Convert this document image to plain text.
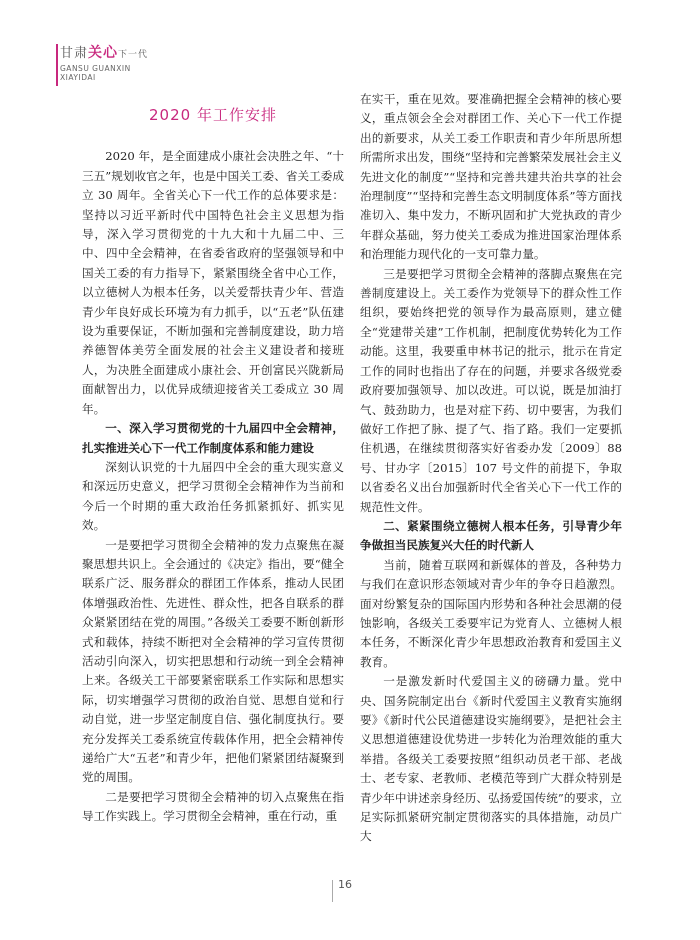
甘肃关心下一代
GANSU GUANXIN
XIAYIDAI
2020 年工作安排

2020 年，是全面建成小康社会决胜之年、“十三五”规划收官之年，也是中国关工委、省关工委成立 30 周年。全省关心下一代工作的总体要求是：坚持以习近平新时代中国特色社会主义思想为指导，深入学习贯彻党的十九大和十九届二中、三中、四中全会精神，在省委省政府的坚强领导和中国关工委的有力指导下，紧紧围绕全省中心工作，以立德树人为根本任务，以关爱帮扶青少年、营造青少年良好成长环境为有力抓手，以“五老”队伍建设为重要保证，不断加强和完善制度建设，助力培养德智体美劳全面发展的社会主义建设者和接班人，为决胜全面建成小康社会、开创富民兴陇新局面献智出力，以优异成绩迎接省关工委成立 30 周年。

一、深入学习贯彻党的十九届四中全会精神，扎实推进关心下一代工作制度体系和能力建设

深刻认识党的十九届四中全会的重大现实意义和深远历史意义，把学习贯彻全会精神作为当前和今后一个时期的重大政治任务抓紧抓好、抓实见效。

一是要把学习贯彻全会精神的发力点聚焦在凝聚思想共识上。全会通过的《决定》指出，要“健全联系广泛、服务群众的群团工作体系，推动人民团体增强政治性、先进性、群众性，把各自联系的群众紧紧团结在党的周围。”各级关工委要不断创新形式和载体，持续不断把对全会精神的学习宣传贯彻活动引向深入，切实把思想和行动统一到全会精神上来。各级关工干部要紧密联系工作实际和思想实际，切实增强学习贯彻的政治自觉、思想自觉和行动自觉，进一步坚定制度自信、强化制度执行。要充分发挥关工委系统宣传载体作用，把全会精神传递给广大“五老”和青少年，把他们紧紧团结凝聚到党的周围。

二是要把学习贯彻全会精神的切入点聚焦在指导工作实践上。学习贯彻全会精神，重在行动，重

在实干，重在见效。要准确把握全会精神的核心要义，重点领会全会对群团工作、关心下一代工作提出的新要求，从关工委工作职责和青少年所思所想所需所求出发，围绕“坚持和完善繁荣发展社会主义先进文化的制度”“坚持和完善共建共治共享的社会治理制度”“坚持和完善生态文明制度体系”等方面找准切入、集中发力，不断巩固和扩大党执政的青少年群众基础，努力使关工委成为推进国家治理体系和治理能力现代化的一支可靠力量。

三是要把学习贯彻全会精神的落脚点聚焦在完善制度建设上。关工委作为党领导下的群众性工作组织，要始终把党的领导作为最高原则，建立健全“党建带关建”工作机制，把制度优势转化为工作动能。这里，我要重申林书记的批示，批示在肯定工作的同时也指出了存在的问题，并要求各级党委政府要加强领导、加以改进。可以说，既是加油打气、鼓劲助力，也是对症下药、切中要害，为我们做好工作把了脉、提了气、指了路。我们一定要抓住机遇，在继续贯彻落实好省委办发〔2009〕88 号、甘办字〔2015〕107 号文件的前提下，争取以省委名义出台加强新时代全省关心下一代工作的规范性文件。

二、紧紧围绕立德树人根本任务，引导青少年争做担当民族复兴大任的时代新人

当前，随着互联网和新媒体的普及，各种势力与我们在意识形态领域对青少年的争夺日趋激烈。面对纷繁复杂的国际国内形势和各种社会思潮的侵蚀影响，各级关工委要牢记为党育人、立德树人根本任务，不断深化青少年思想政治教育和爱国主义教育。

一是激发新时代爱国主义的磅礴力量。党中央、国务院制定出台《新时代爱国主义教育实施纲要》《新时代公民道德建设实施纲要》，是把社会主义思想道德建设优势进一步转化为治理效能的重大举措。各级关工委要按照“组织动员老干部、老战士、老专家、老教师、老模范等到广大群众特别是青少年中讲述亲身经历、弘扬爱国传统”的要求，立足实际抓紧研究制定贯彻落实的具体措施，动员广大

16
